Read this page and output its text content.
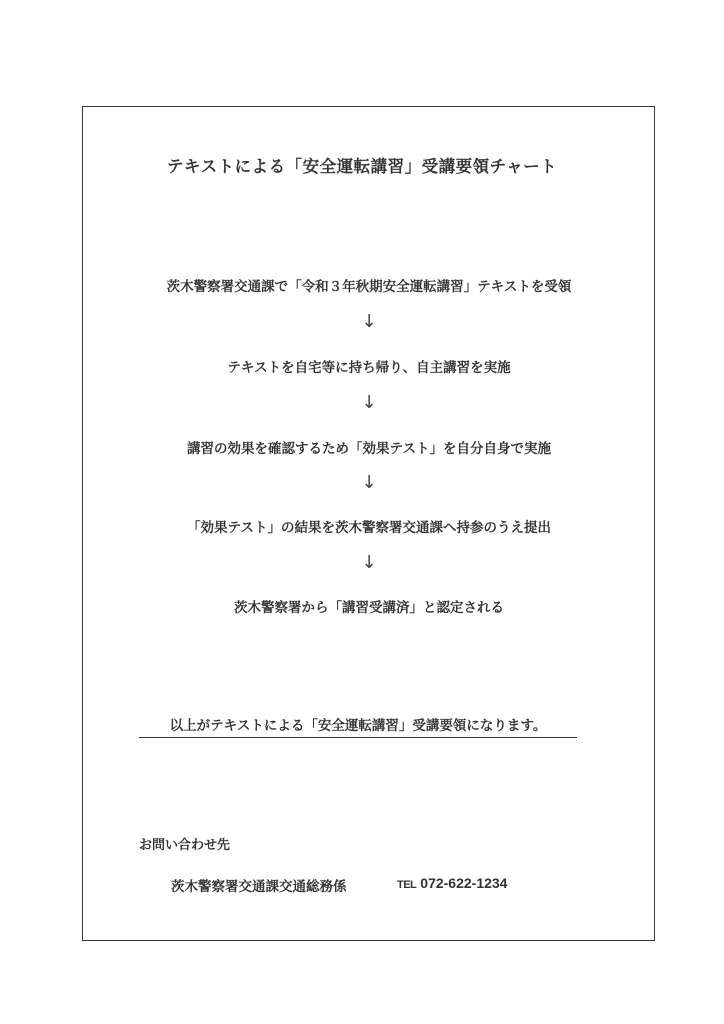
テキストによる「安全運転講習」受講要領チャート
茨木警察署交通課で「令和３年秋期安全運転講習」テキストを受領
↓
テキストを自宅等に持ち帰り、自主講習を実施
↓
講習の効果を確認するため「効果テスト」を自分自身で実施
↓
「効果テスト」の結果を茨木警察署交通課へ持参のうえ提出
↓
茨木警察署から「講習受講済」と認定される
以上がテキストによる「安全運転講習」受講要領になります。
お問い合わせ先
茨木警察署交通課交通総務係	TEL 072-622-1234
